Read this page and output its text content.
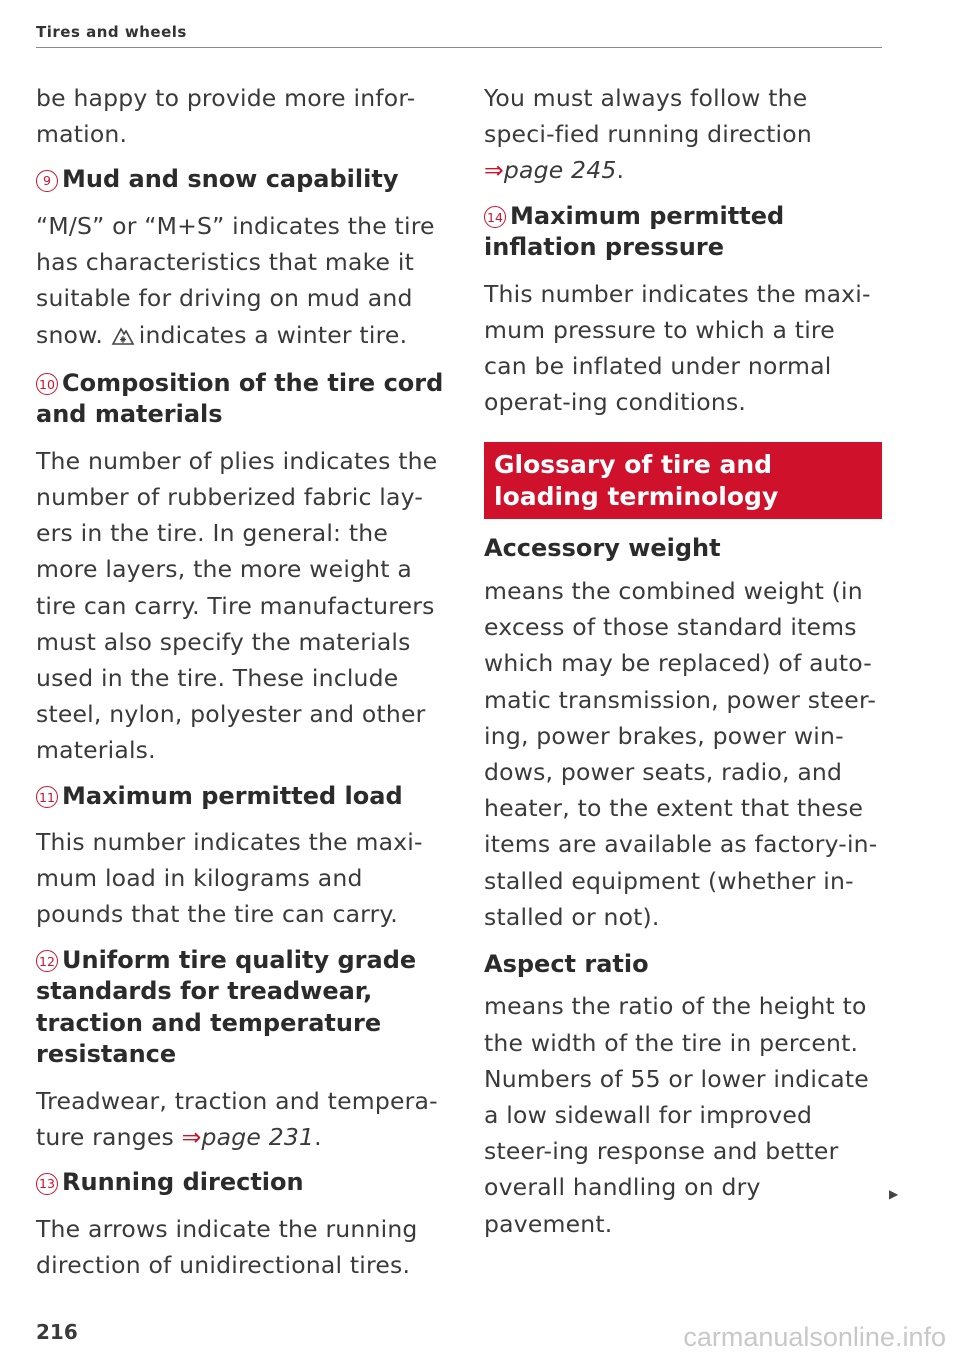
Tires and wheels

be happy to provide more infor-mation.

9 Mud and snow capability

“M/S” or “M+S” indicates the tire has characteristics that make it suitable for driving on mud and snow. indicates a winter tire.

10 Composition of the tire cord and materials

The number of plies indicates the number of rubberized fabric lay-ers in the tire. In general: the more layers, the more weight a tire can carry. Tire manufacturers must also specify the materials used in the tire. These include steel, nylon, polyester and other materials.

11 Maximum permitted load

This number indicates the maxi-mum load in kilograms and pounds that the tire can carry.

12 Uniform tire quality grade standards for treadwear, traction and temperature resistance

Treadwear, traction and tempera-ture ranges ⇒page 231.

13 Running direction

The arrows indicate the running direction of unidirectional tires.

You must always follow the speci-fied running direction ⇒page 245.

14 Maximum permitted inflation pressure

This number indicates the maxi-mum pressure to which a tire can be inflated under normal operat-ing conditions.

Glossary of tire and loading terminology
Accessory weight

means the combined weight (in excess of those standard items which may be replaced) of auto-matic transmission, power steer-ing, power brakes, power win-dows, power seats, radio, and heater, to the extent that these items are available as factory-in-stalled equipment (whether in-stalled or not).

Aspect ratio

means the ratio of the height to the width of the tire in percent. Numbers of 55 or lower indicate a low sidewall for improved steer-ing response and better overall handling on dry pavement.

▶
216	carmanualsonline.info
